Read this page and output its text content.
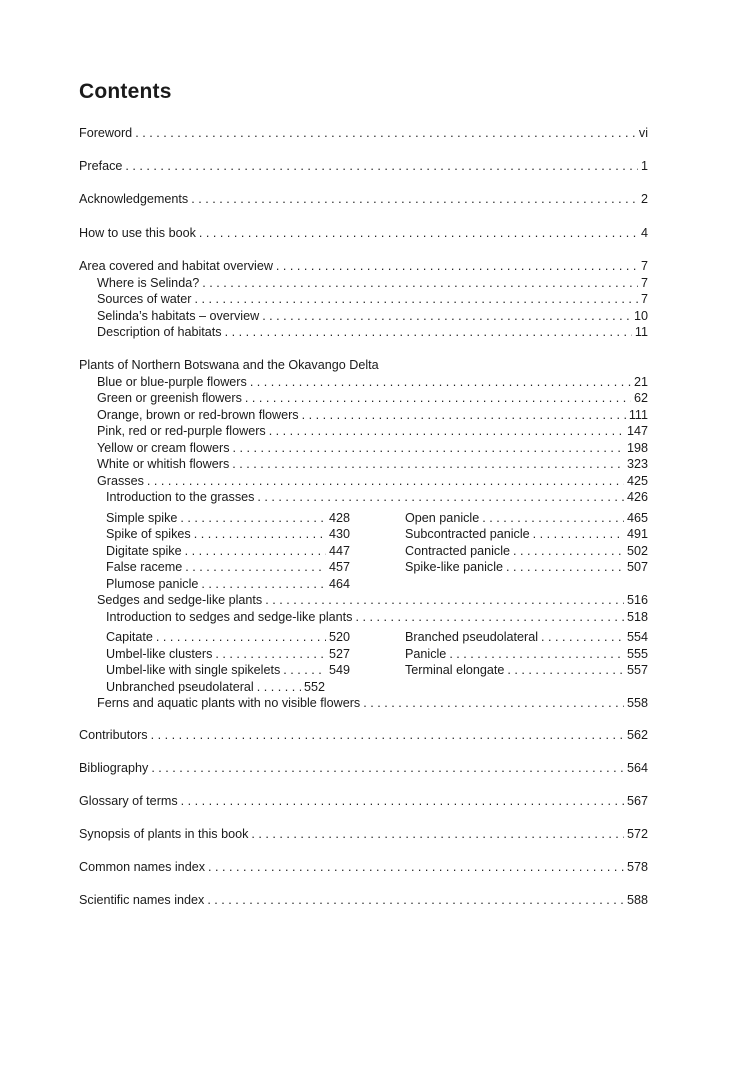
Contents
Foreword . . .	vi
Preface . . .	1
Acknowledgements . . .	2
How to use this book . . .	4
Area covered and habitat overview . . .	7
Where is Selinda? . . .	7
Sources of water . . .	7
Selinda’s habitats – overview . . .	10
Description of habitats . . .	11
Plants of Northern Botswana and the Okavango Delta
Blue or blue-purple flowers . . .	21
Green or greenish flowers . . .	62
Orange, brown or red-brown flowers . . .	111
Pink, red or red-purple flowers . . .	147
Yellow or cream flowers . . .	198
White or whitish flowers . . .	323
Grasses . . .	425
Introduction to the grasses . . .	426
Simple spike . . .	428
Spike of spikes . . .	430
Digitate spike . . .	447
False raceme . . .	457
Plumose panicle . . .	464
Open panicle . . .	465
Subcontracted panicle . . .	491
Contracted panicle . . .	502
Spike-like panicle . . .	507
Sedges and sedge-like plants . . .	516
Introduction to sedges and sedge-like plants . . .	518
Capitate . . .	520
Umbel-like clusters . . .	527
Umbel-like with single spikelets . . .	549
Unbranched pseudolateral . . .	552
Branched pseudolateral . . .	554
Panicle . . .	555
Terminal elongate . . .	557
Ferns and aquatic plants with no visible flowers . . .	558
Contributors . . .	562
Bibliography . . .	564
Glossary of terms . . .	567
Synopsis of plants in this book . . .	572
Common names index . . .	578
Scientific names index . . .	588
